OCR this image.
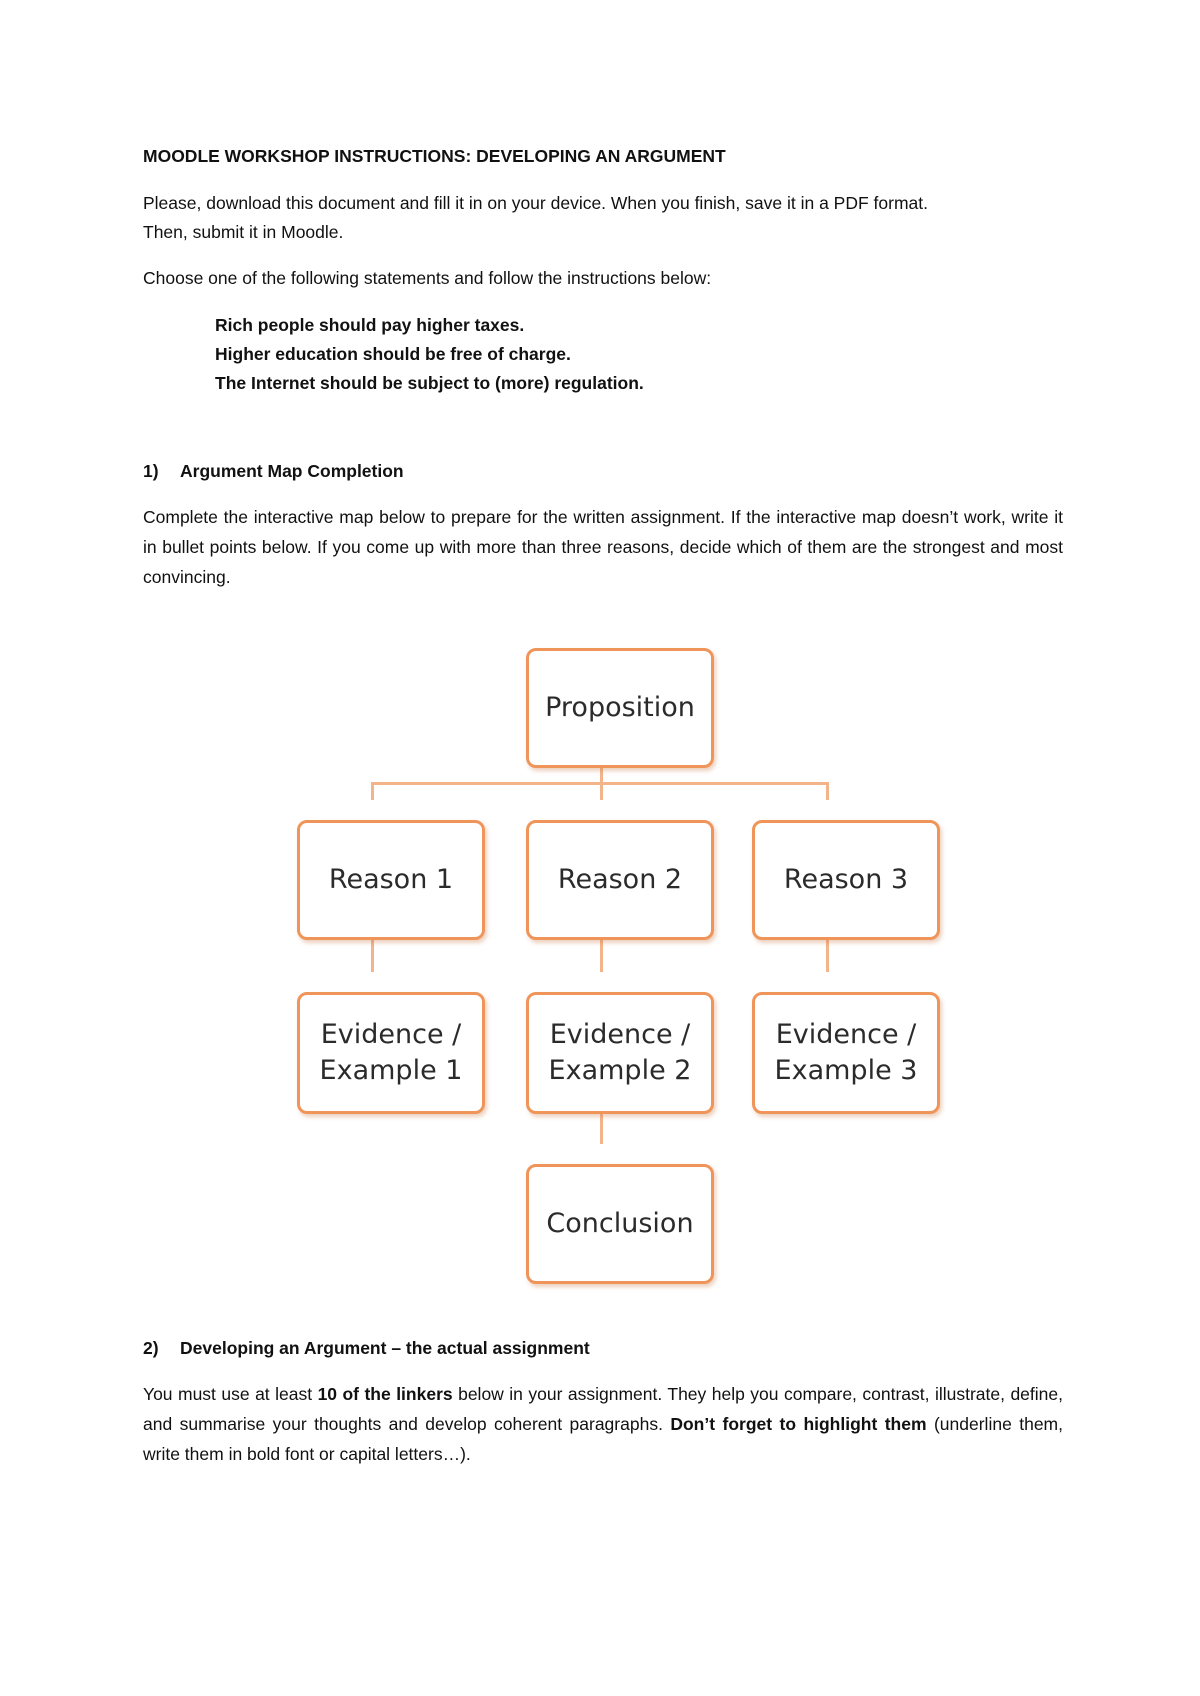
MOODLE WORKSHOP INSTRUCTIONS: DEVELOPING AN ARGUMENT
Please, download this document and fill it in on your device. When you finish, save it in a PDF format.
Then, submit it in Moodle.
Choose one of the following statements and follow the instructions below:
Rich people should pay higher taxes.
Higher education should be free of charge.
The Internet should be subject to (more) regulation.
1) Argument Map Completion
Complete the interactive map below to prepare for the written assignment. If the interactive map doesn’t work, write it in bullet points below. If you come up with more than three reasons, decide which of them are the strongest and most convincing.
Proposition
Reason 1	Reason 2	Reason 3
Evidence /
Example 1
Evidence /
Example 2
Evidence /
Example 3
Conclusion
2) Developing an Argument – the actual assignment
You must use at least 10 of the linkers below in your assignment. They help you compare, contrast, illustrate, define, and summarise your thoughts and develop coherent paragraphs. Don’t forget to highlight them (underline them, write them in bold font or capital letters…).
